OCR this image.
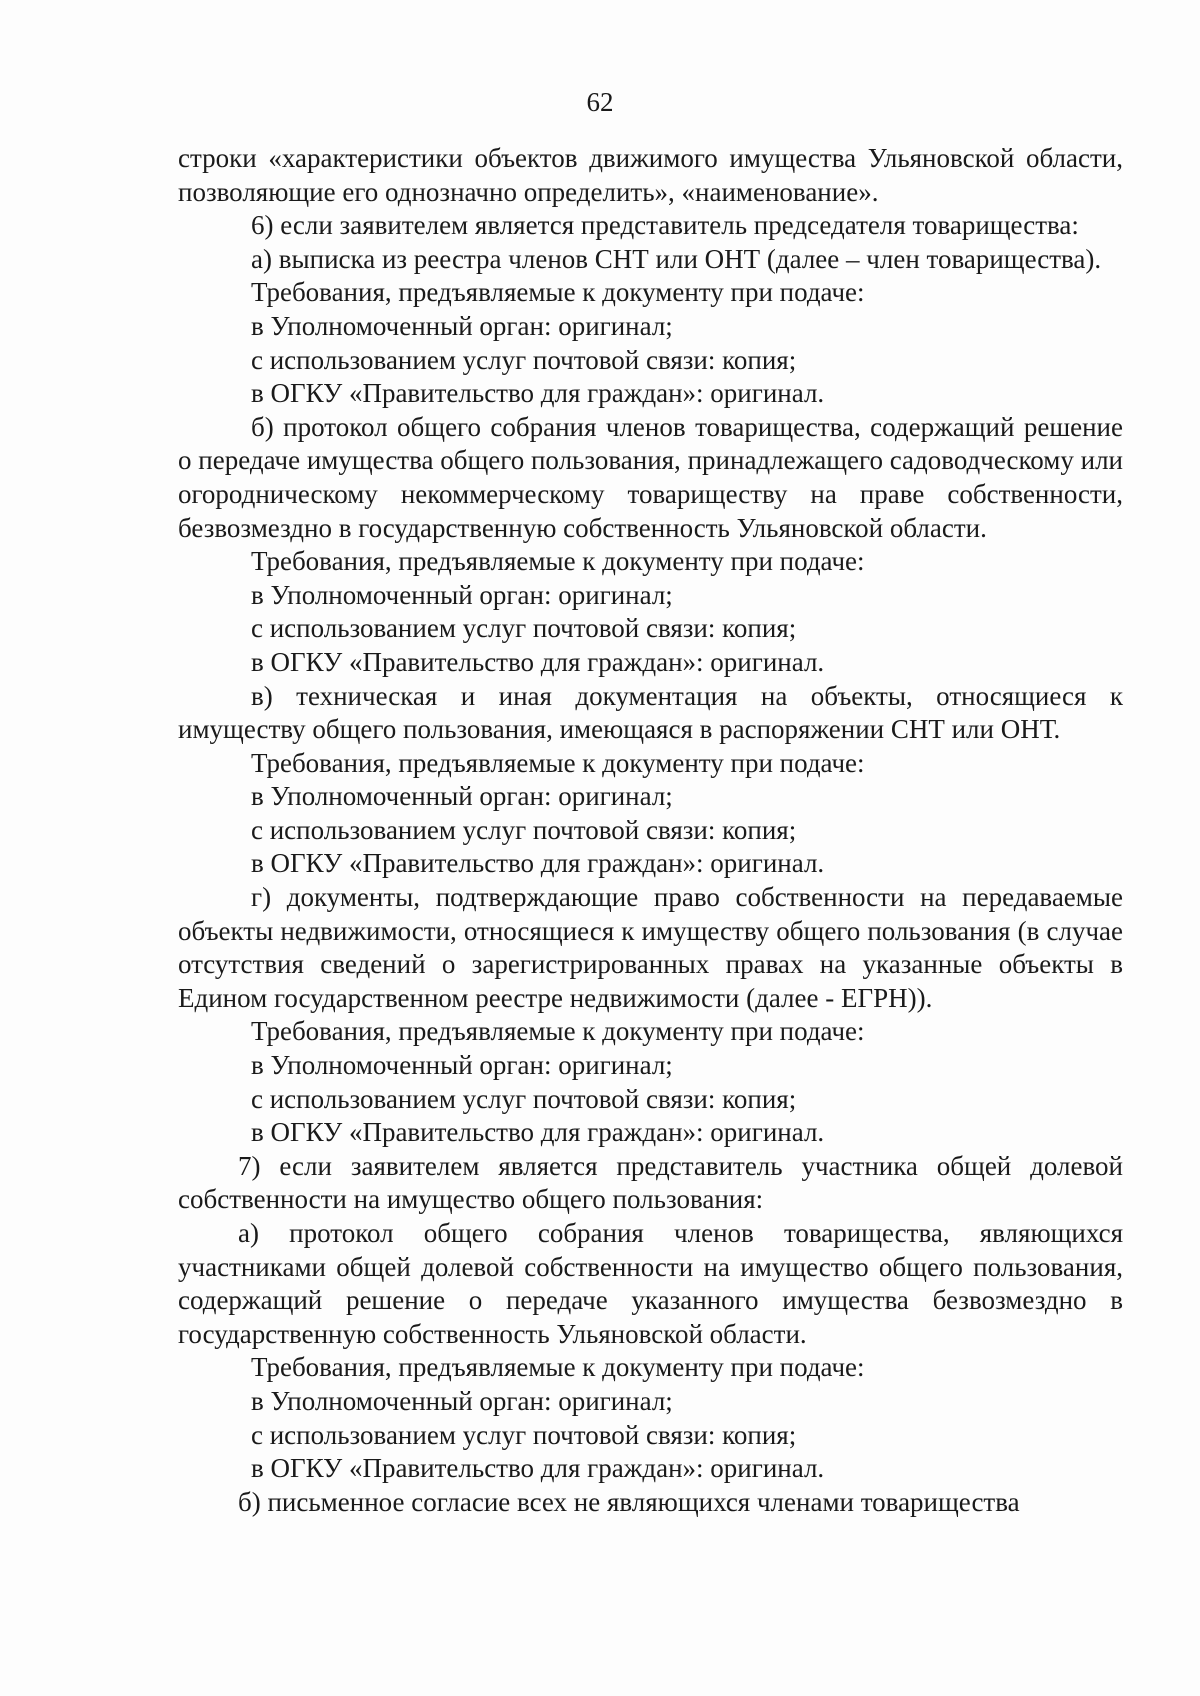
62

строки «характеристики объектов движимого имущества Ульяновской области, позволяющие его однозначно определить», «наименование».

6) если заявителем является представитель председателя товарищества:

а) выписка из реестра членов СНТ или ОНТ (далее – член товарищества).

Требования, предъявляемые к документу при подаче:

в Уполномоченный орган: оригинал;

с использованием услуг почтовой связи: копия;

в ОГКУ «Правительство для граждан»: оригинал.

б) протокол общего собрания членов товарищества, содержащий решение о передаче имущества общего пользования, принадлежащего садоводческому или огородническому некоммерческому товариществу на праве собственности, безвозмездно в государственную собственность Ульяновской области.

Требования, предъявляемые к документу при подаче:

в Уполномоченный орган: оригинал;

с использованием услуг почтовой связи: копия;

в ОГКУ «Правительство для граждан»: оригинал.

в) техническая и иная документация на объекты, относящиеся к имуществу общего пользования, имеющаяся в распоряжении СНТ или ОНТ.

Требования, предъявляемые к документу при подаче:

в Уполномоченный орган: оригинал;

с использованием услуг почтовой связи: копия;

в ОГКУ «Правительство для граждан»: оригинал.

г) документы, подтверждающие право собственности на передаваемые объекты недвижимости, относящиеся к имуществу общего пользования (в случае отсутствия сведений о зарегистрированных правах на указанные объекты в Едином государственном реестре недвижимости (далее - ЕГРН)).

Требования, предъявляемые к документу при подаче:

в Уполномоченный орган: оригинал;

с использованием услуг почтовой связи: копия;

в ОГКУ «Правительство для граждан»: оригинал.

7) если заявителем является представитель участника общей долевой собственности на имущество общего пользования:

а) протокол общего собрания членов товарищества, являющихся участниками общей долевой собственности на имущество общего пользования, содержащий решение о передаче указанного имущества безвозмездно в государственную собственность Ульяновской области.

Требования, предъявляемые к документу при подаче:

в Уполномоченный орган: оригинал;

с использованием услуг почтовой связи: копия;

в ОГКУ «Правительство для граждан»: оригинал.

б) письменное согласие всех не являющихся членами товарищества
